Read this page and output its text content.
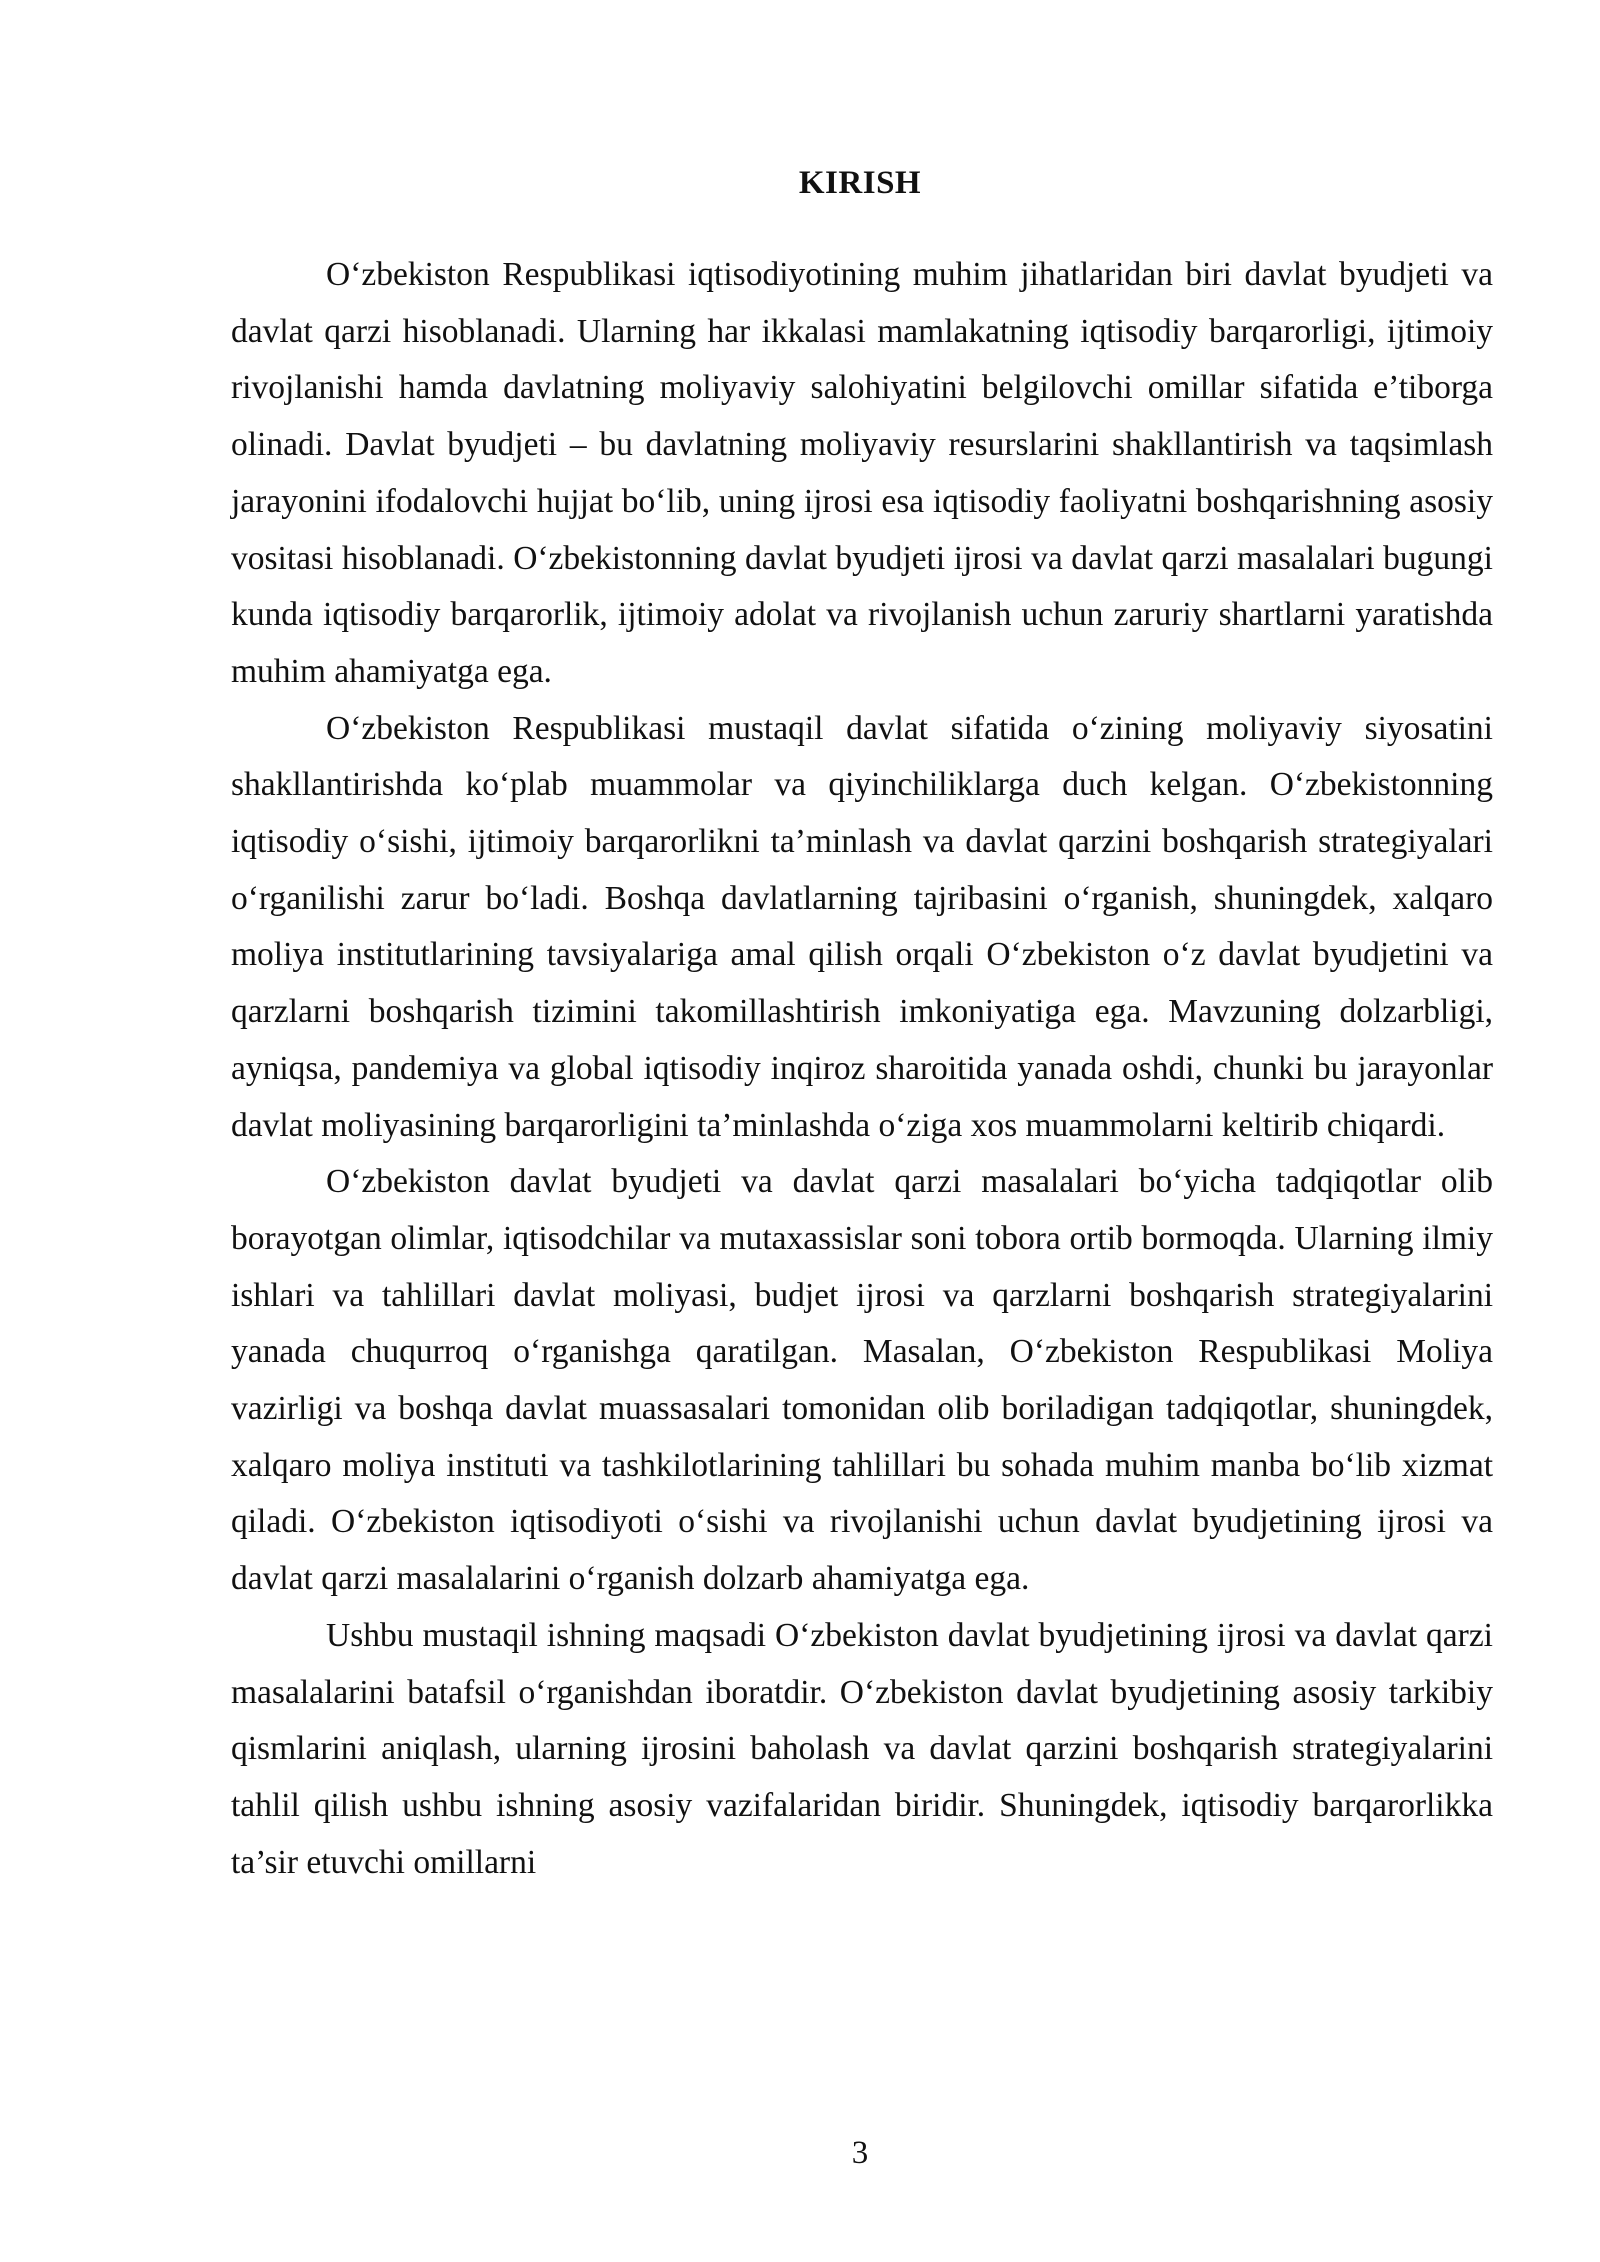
KIRISH

O‘zbekiston Respublikasi iqtisodiyotining muhim jihatlaridan biri davlat byudjeti va davlat qarzi hisoblanadi. Ularning har ikkalasi mamlakatning iqtisodiy barqarorligi, ijtimoiy rivojlanishi hamda davlatning moliyaviy salohiyatini belgilovchi omillar sifatida e’tiborga olinadi. Davlat byudjeti – bu davlatning moliyaviy resurslarini shakllantirish va taqsimlash jarayonini ifodalovchi hujjat bo‘lib, uning ijrosi esa iqtisodiy faoliyatni boshqarishning asosiy vositasi hisoblanadi. O‘zbekistonning davlat byudjeti ijrosi va davlat qarzi masalalari bugungi kunda iqtisodiy barqarorlik, ijtimoiy adolat va rivojlanish uchun zaruriy shartlarni yaratishda muhim ahamiyatga ega.

O‘zbekiston Respublikasi mustaqil davlat sifatida o‘zining moliyaviy siyosatini shakllantirishda ko‘plab muammolar va qiyinchiliklarga duch kelgan. O‘zbekistonning iqtisodiy o‘sishi, ijtimoiy barqarorlikni ta’minlash va davlat qarzini boshqarish strategiyalari o‘rganilishi zarur bo‘ladi. Boshqa davlatlarning tajribasini o‘rganish, shuningdek, xalqaro moliya institutlarining tavsiyalariga amal qilish orqali O‘zbekiston o‘z davlat byudjetini va qarzlarni boshqarish tizimini takomillashtirish imkoniyatiga ega. Mavzuning dolzarbligi, ayniqsa, pandemiya va global iqtisodiy inqiroz sharoitida yanada oshdi, chunki bu jarayonlar davlat moliyasining barqarorligini ta’minlashda o‘ziga xos muammolarni keltirib chiqardi.

O‘zbekiston davlat byudjeti va davlat qarzi masalalari bo‘yicha tadqiqotlar olib borayotgan olimlar, iqtisodchilar va mutaxassislar soni tobora ortib bormoqda. Ularning ilmiy ishlari va tahlillari davlat moliyasi, budjet ijrosi va qarzlarni boshqarish strategiyalarini yanada chuqurroq o‘rganishga qaratilgan. Masalan, O‘zbekiston Respublikasi Moliya vazirligi va boshqa davlat muassasalari tomonidan olib boriladigan tadqiqotlar, shuningdek, xalqaro moliya instituti va tashkilotlarining tahlillari bu sohada muhim manba bo‘lib xizmat qiladi. O‘zbekiston iqtisodiyoti o‘sishi va rivojlanishi uchun davlat byudjetining ijrosi va davlat qarzi masalalarini o‘rganish dolzarb ahamiyatga ega.

Ushbu mustaqil ishning maqsadi O‘zbekiston davlat byudjetining ijrosi va davlat qarzi masalalarini batafsil o‘rganishdan iboratdir. O‘zbekiston davlat byudjetining asosiy tarkibiy qismlarini aniqlash, ularning ijrosini baholash va davlat qarzini boshqarish strategiyalarini tahlil qilish ushbu ishning asosiy vazifalaridan biridir. Shuningdek, iqtisodiy barqarorlikka ta’sir etuvchi omillarni

3
